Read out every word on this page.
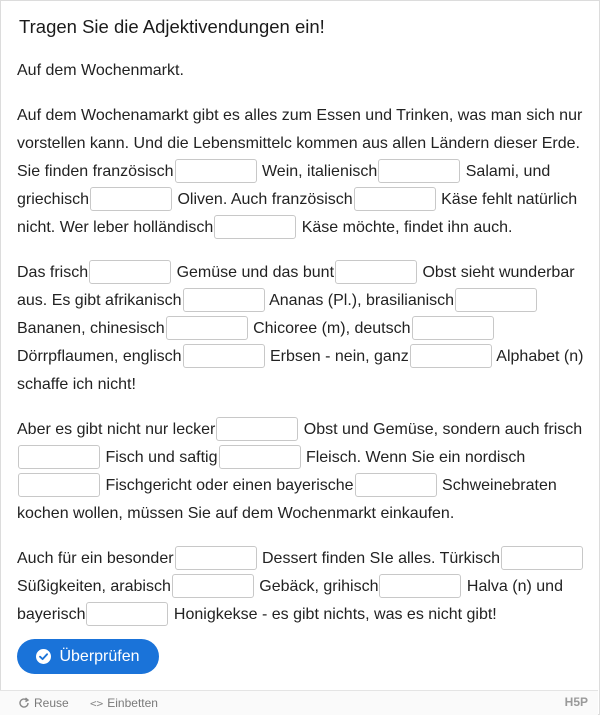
Tragen Sie die Adjektivendungen ein!

Auf dem Wochenmarkt.

Auf dem Wochenamarkt gibt es alles zum Essen und Trinken, was man sich nur vorstellen kann. Und die Lebensmittelc kommen aus allen Ländern dieser Erde. Sie finden französisch	Wein, italienisch	Salami, und griechisch	Oliven. Auch französisch	Käse fehlt natürlich nicht. Wer leber holländisch	Käse möchte, findet ihn auch.

Das frisch	Gemüse und das bunt	Obst sieht wunderbar aus. Es gibt afrikanisch	Ananas (Pl.), brasilianisch Bananen, chinesisch	Chicoree (m), deutsch Dörrpflaumen, englisch	Erbsen - nein, ganz	Alphabet (n) schaffe ich nicht!

Aber es gibt nicht nur lecker	Obst und Gemüse, sondern auch frisch  Fisch und saftig	Fleisch. Wenn Sie ein nordisch  Fischgericht oder einen bayerische	Schweinebraten kochen wollen, müssen Sie auf dem Wochenmarkt einkaufen.

Auch für ein besonder	Dessert finden SIe alles. Türkisch Süßigkeiten, arabisch	Gebäck, grihisch	Halva (n) und bayerisch	Honigkekse - es gibt nichts, was es nicht gibt!

Überprüfen
Reuse <> Einbetten	H5P
